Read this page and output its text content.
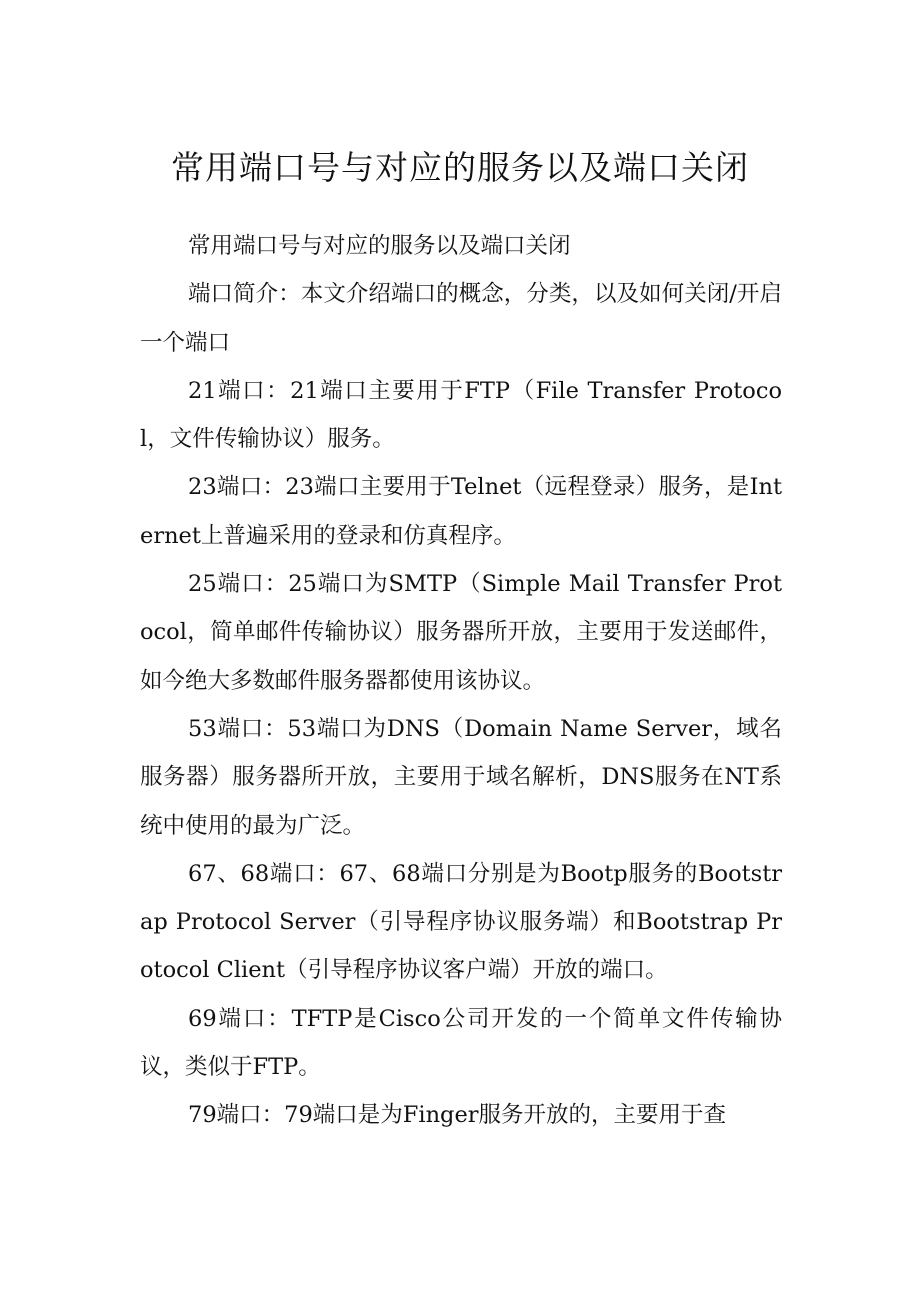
常用端口号与对应的服务以及端口关闭

常用端口号与对应的服务以及端口关闭

端口简介：本文介绍端口的概念，分类，以及如何关闭/开启一个端口

21端口：21端口主要用于FTP（File Transfer Protocol，文件传输协议）服务。

23端口：23端口主要用于Telnet（远程登录）服务，是Internet上普遍采用的登录和仿真程序。

25端口：25端口为SMTP（Simple Mail Transfer Protocol，简单邮件传输协议）服务器所开放，主要用于发送邮件，如今绝大多数邮件服务器都使用该协议。

53端口：53端口为DNS（Domain Name Server，域名服务器）服务器所开放，主要用于域名解析，DNS服务在NT系统中使用的最为广泛。

67、68端口：67、68端口分别是为Bootp服务的Bootstrap Protocol Server（引导程序协议服务端）和Bootstrap Protocol Client（引导程序协议客户端）开放的端口。

69端口：TFTP是Cisco公司开发的一个简单文件传输协议，类似于FTP。

79端口：79端口是为Finger服务开放的，主要用于查
